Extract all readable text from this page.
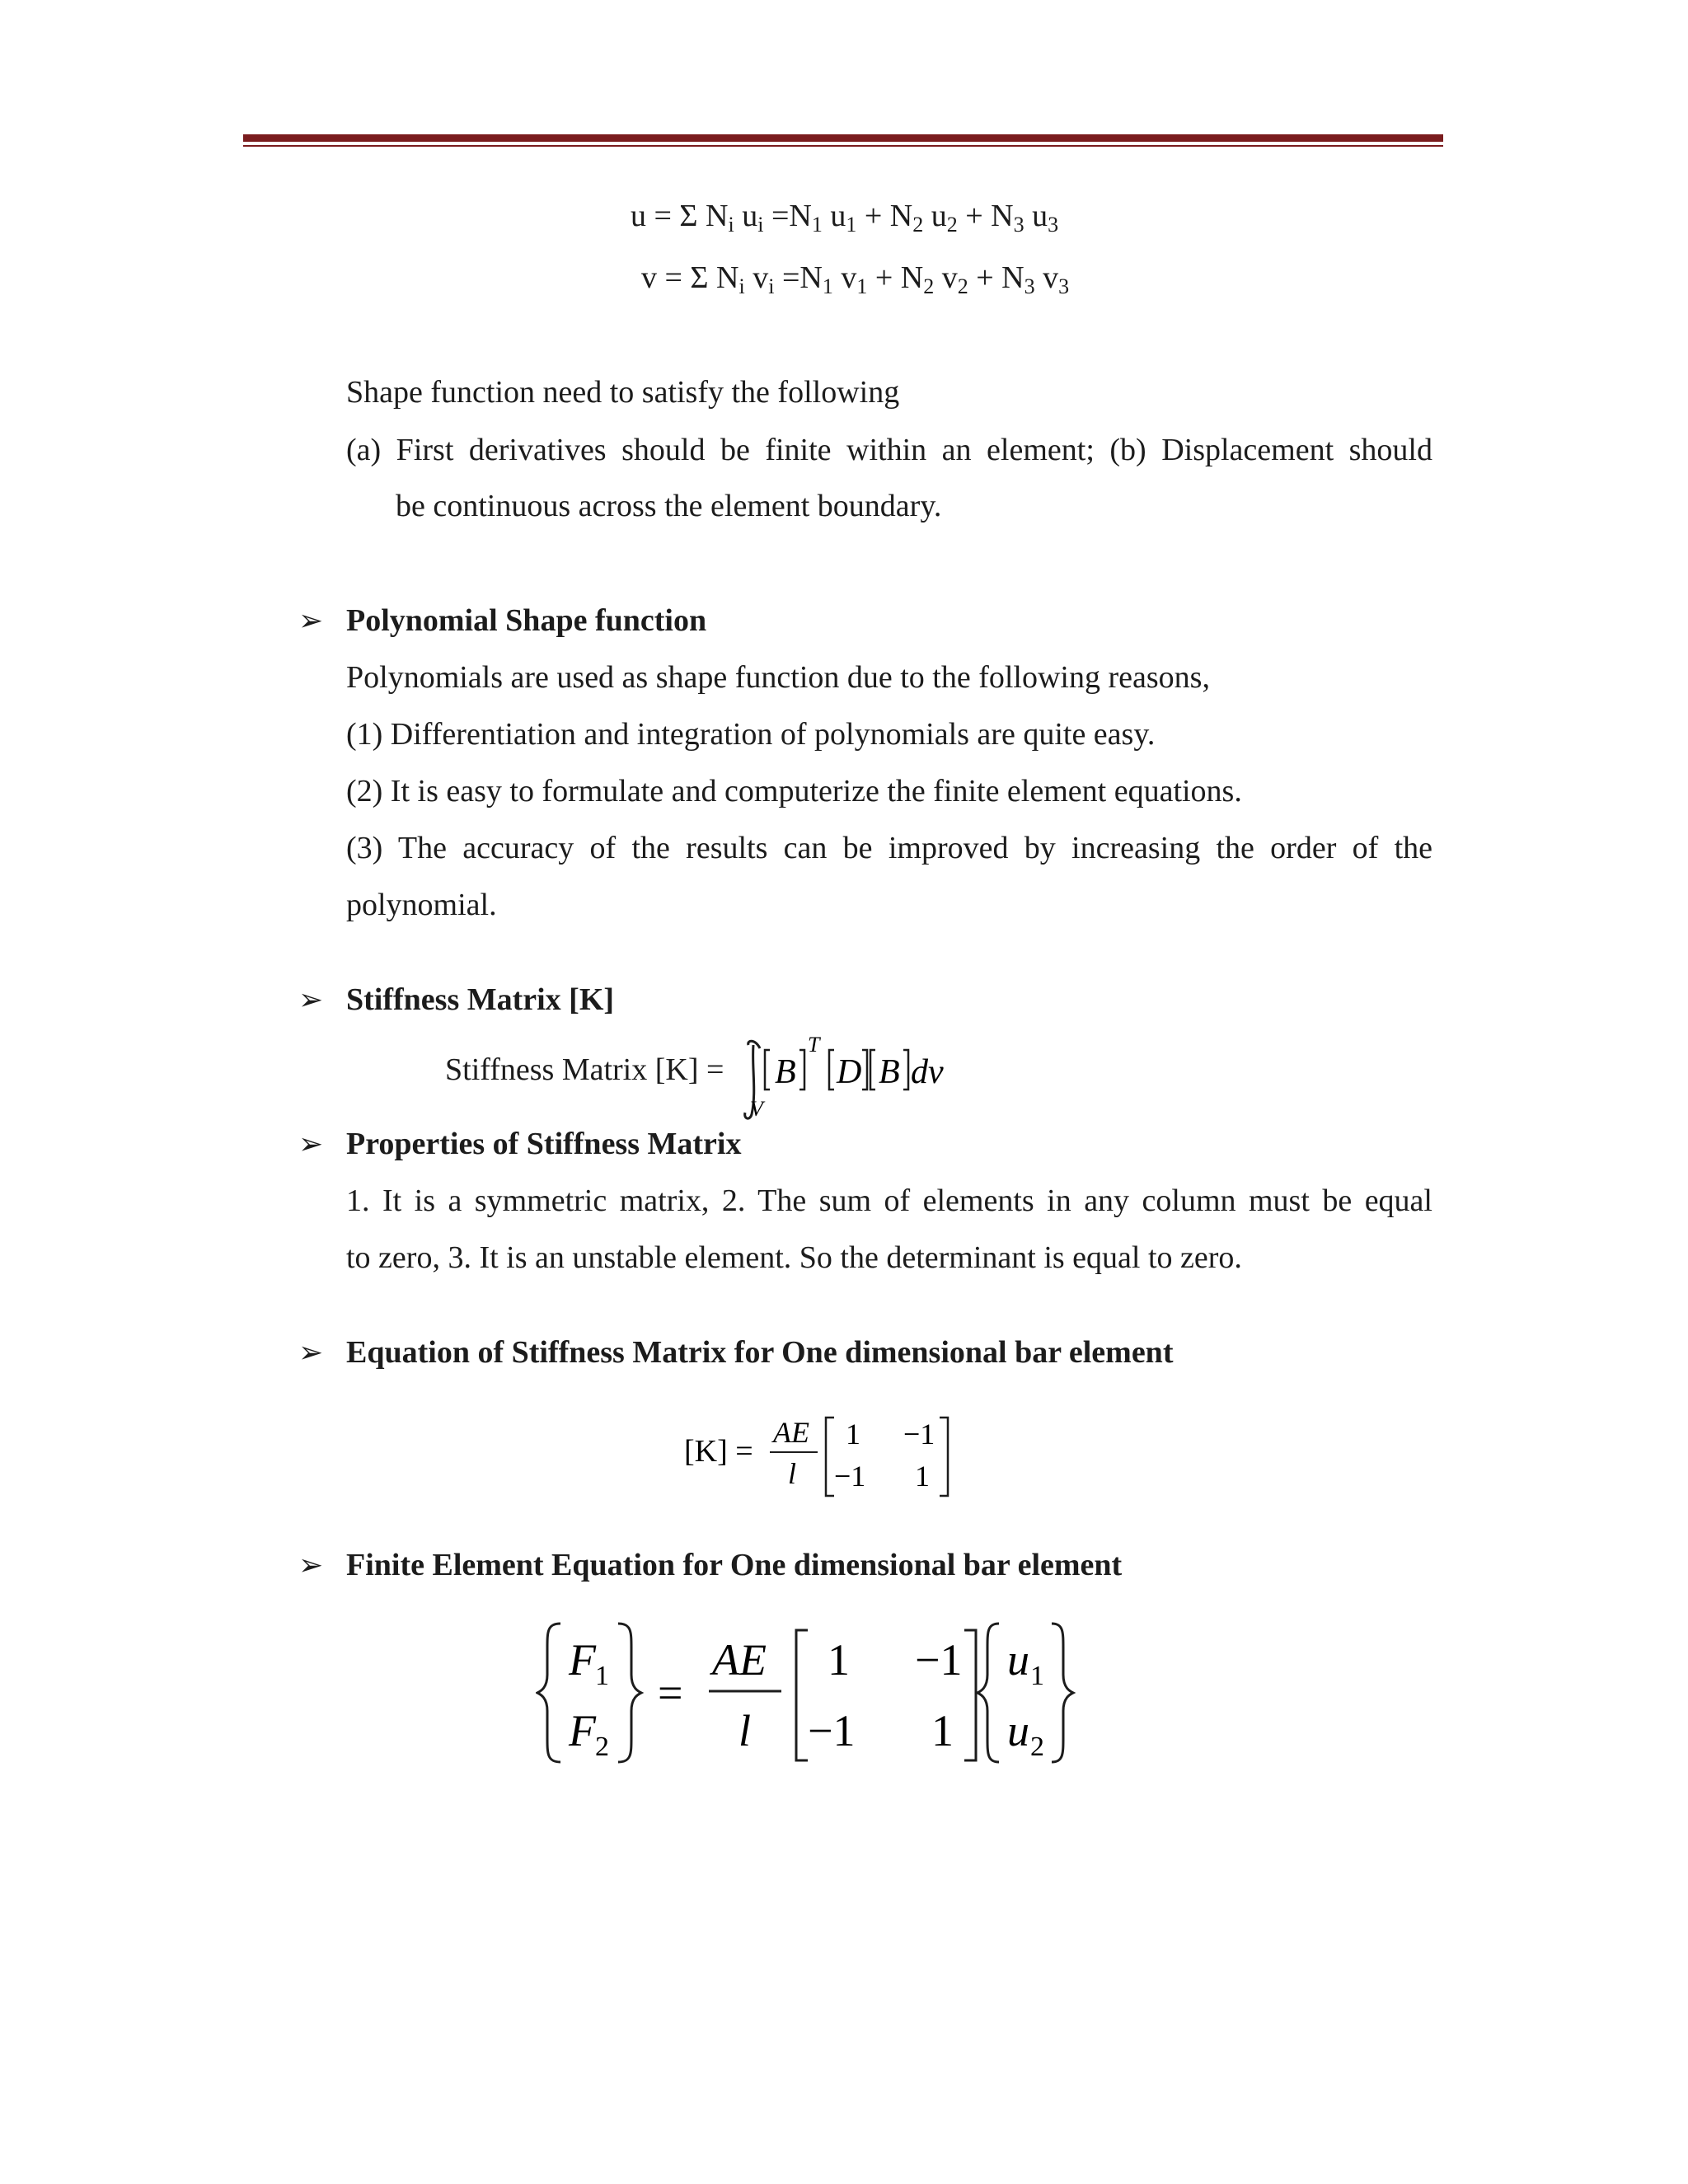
u = Σ $N_i$ $u_i =N_1$ $u_1 + N_2$ $u_2 + N_3$ $u_3$
v = Σ $N_i$ $v_i =N_1$ $v_1 + N_2$ $v_2 + N_3$ $v_3$
Shape function need to satisfy the following
(a) First derivatives should be finite within an element; (b) Displacement should
be continuous across the element boundary.
➢ Polynomial Shape function
Polynomials are used as shape function due to the following reasons,
(1) Differentiation and integration of polynomials are quite easy.
(2) It is easy to formulate and computerize the finite element equations.
(3) The accuracy of the results can be improved by increasing the order of the
polynomial.
➢ Stiffness Matrix [K]
Stiffness Matrix [K] = B
T
D B dv
V
➢ Properties of Stiffness Matrix
1. It is a symmetric matrix, 2. The sum of elements in any column must be equal
to zero, 3. It is an unstable element. So the determinant is equal to zero.
➢ Equation of Stiffness Matrix for One dimensional bar element
[K] =
AE
l
1 −1
−1 1
➢ Finite Element Equation for One dimensional bar element
F 1
F 2
=
AE
l
1 −1
−1 1
u 1
u 2
